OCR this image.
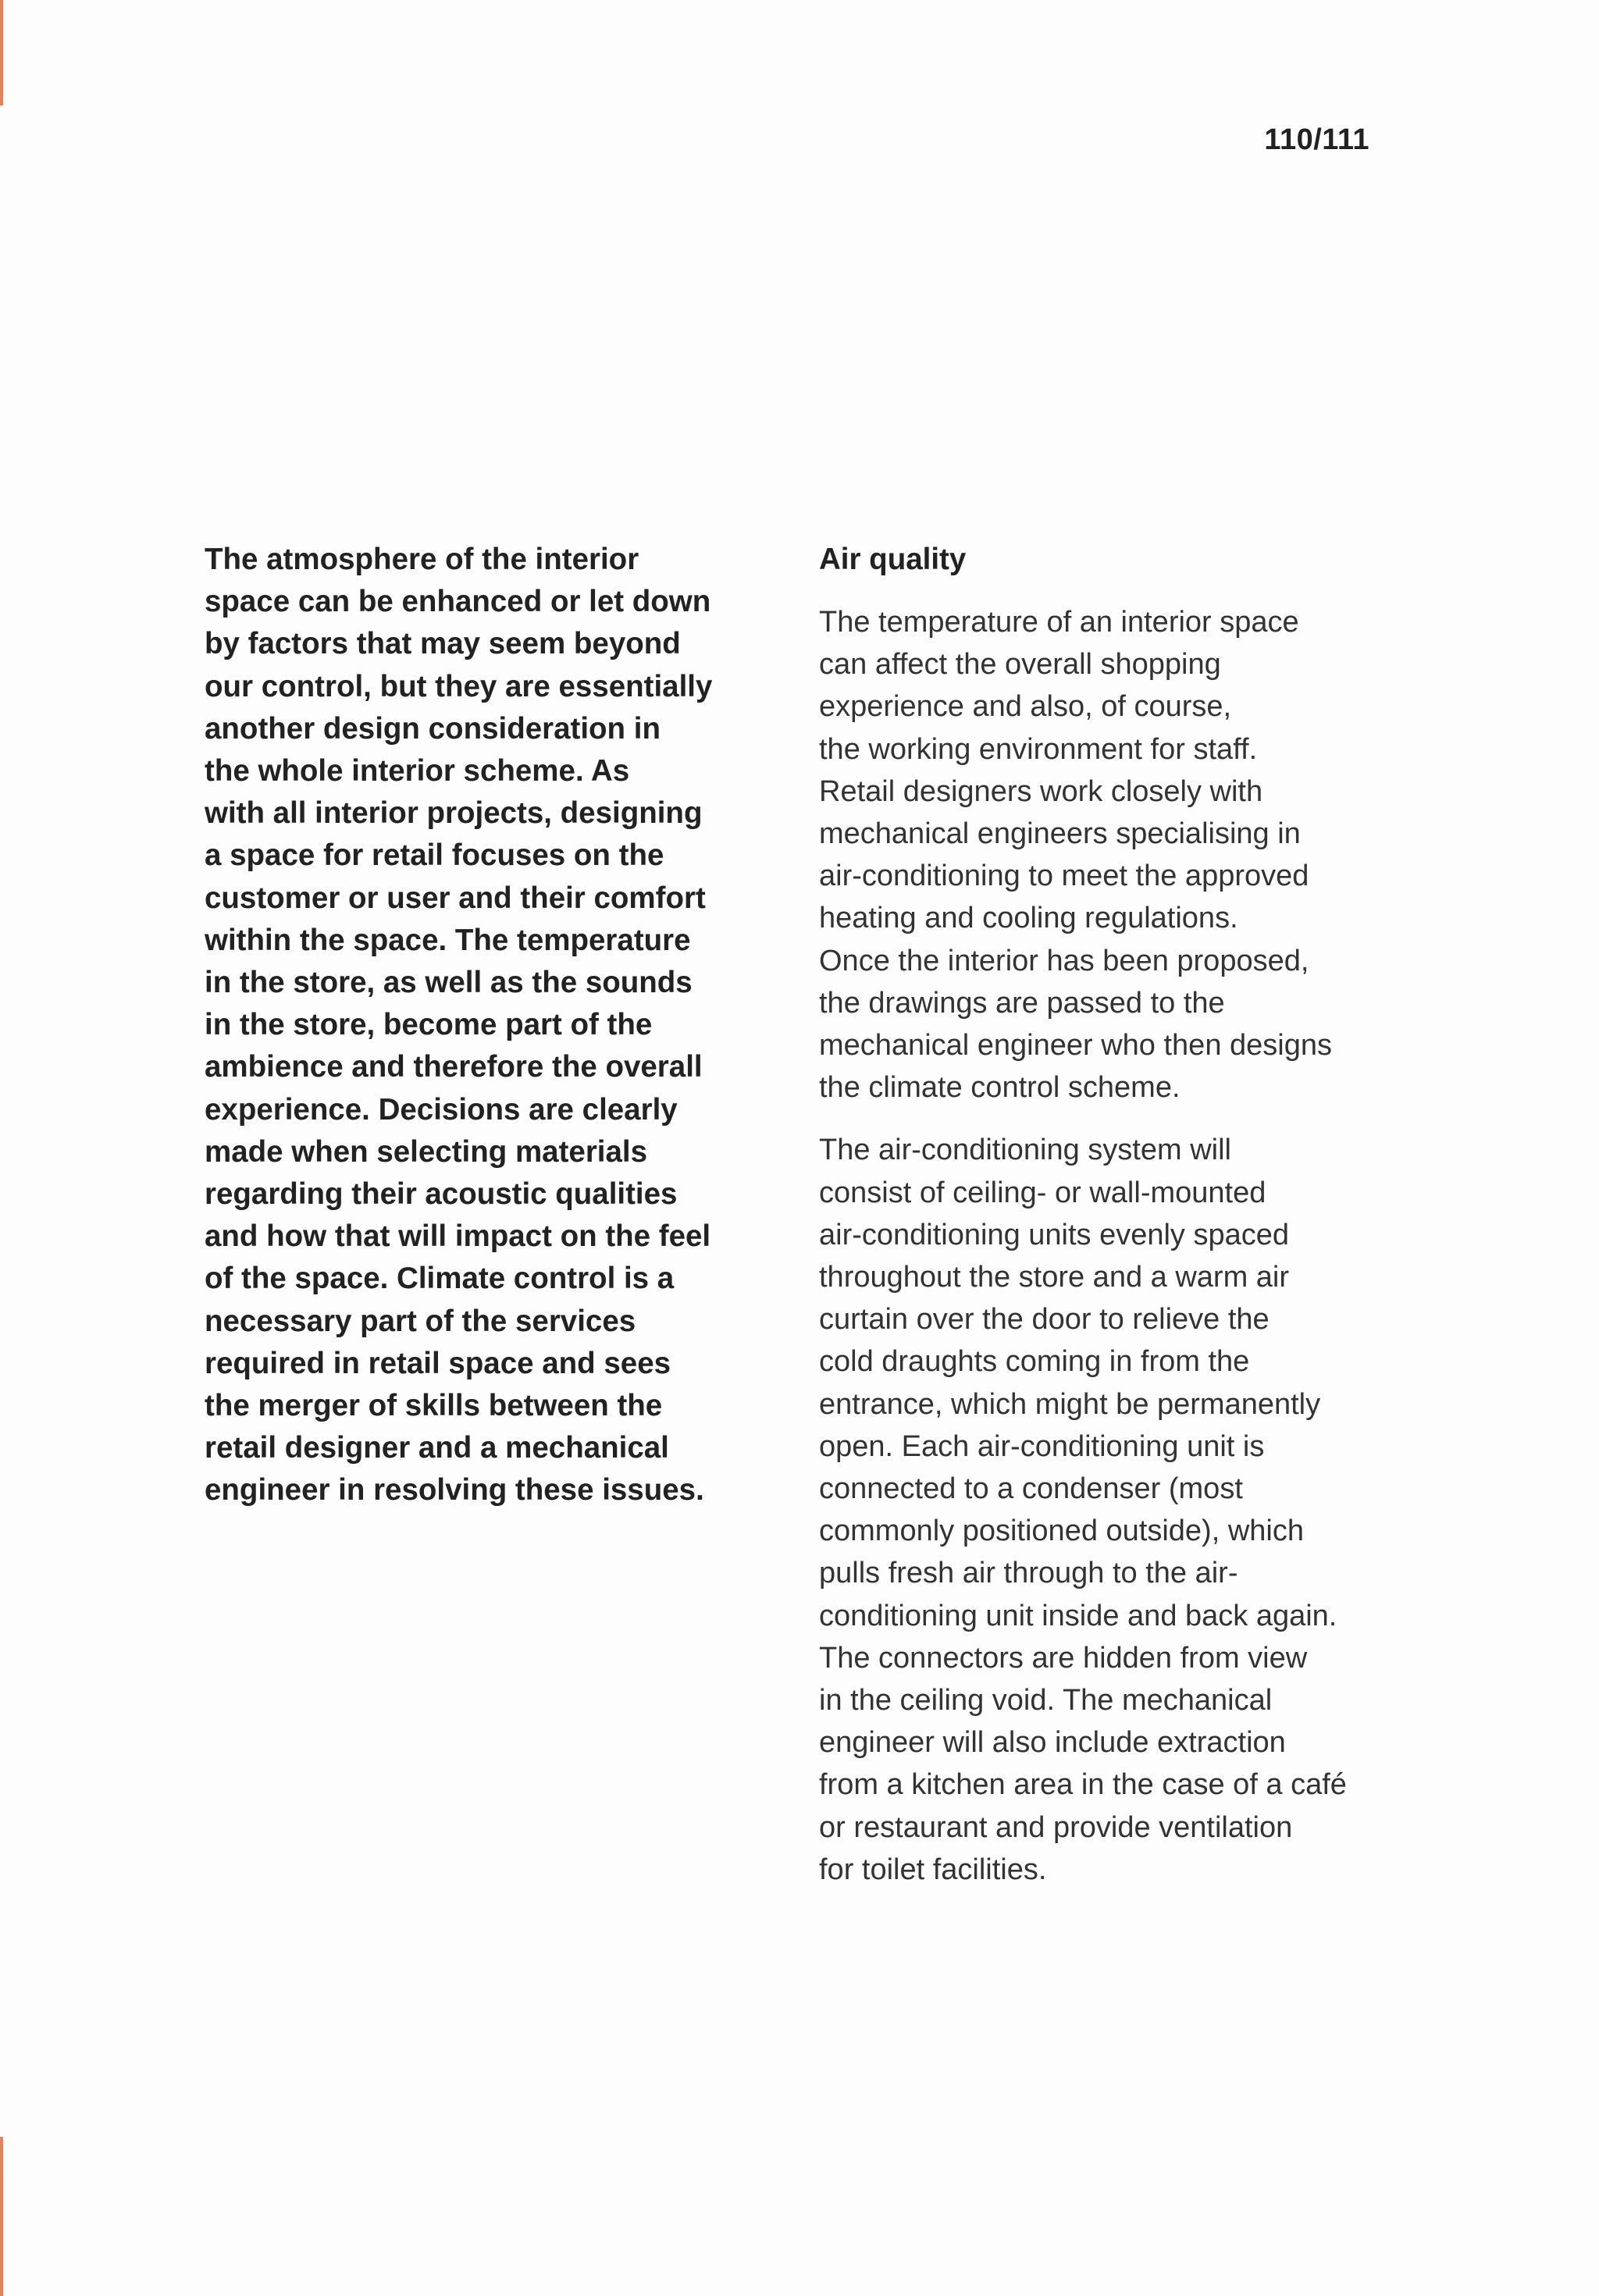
110/111
The atmosphere of the interior
space can be enhanced or let down
by factors that may seem beyond
our control, but they are essentially
another design consideration in
the whole interior scheme. As
with all interior projects, designing
a space for retail focuses on the
customer or user and their comfort
within the space. The temperature
in the store, as well as the sounds
in the store, become part of the
ambience and therefore the overall
experience. Decisions are clearly
made when selecting materials
regarding their acoustic qualities
and how that will impact on the feel
of the space. Climate control is a
necessary part of the services
required in retail space and sees
the merger of skills between the
retail designer and a mechanical
engineer in resolving these issues.
Air quality
The temperature of an interior space
can affect the overall shopping
experience and also, of course,
the working environment for staff.
Retail designers work closely with
mechanical engineers specialising in
air-conditioning to meet the approved
heating and cooling regulations.
Once the interior has been proposed,
the drawings are passed to the
mechanical engineer who then designs
the climate control scheme.
The air-conditioning system will
consist of ceiling- or wall-mounted
air-conditioning units evenly spaced
throughout the store and a warm air
curtain over the door to relieve the
cold draughts coming in from the
entrance, which might be permanently
open. Each air-conditioning unit is
connected to a condenser (most
commonly positioned outside), which
pulls fresh air through to the air-
conditioning unit inside and back again.
The connectors are hidden from view
in the ceiling void. The mechanical
engineer will also include extraction
from a kitchen area in the case of a café
or restaurant and provide ventilation
for toilet facilities.
